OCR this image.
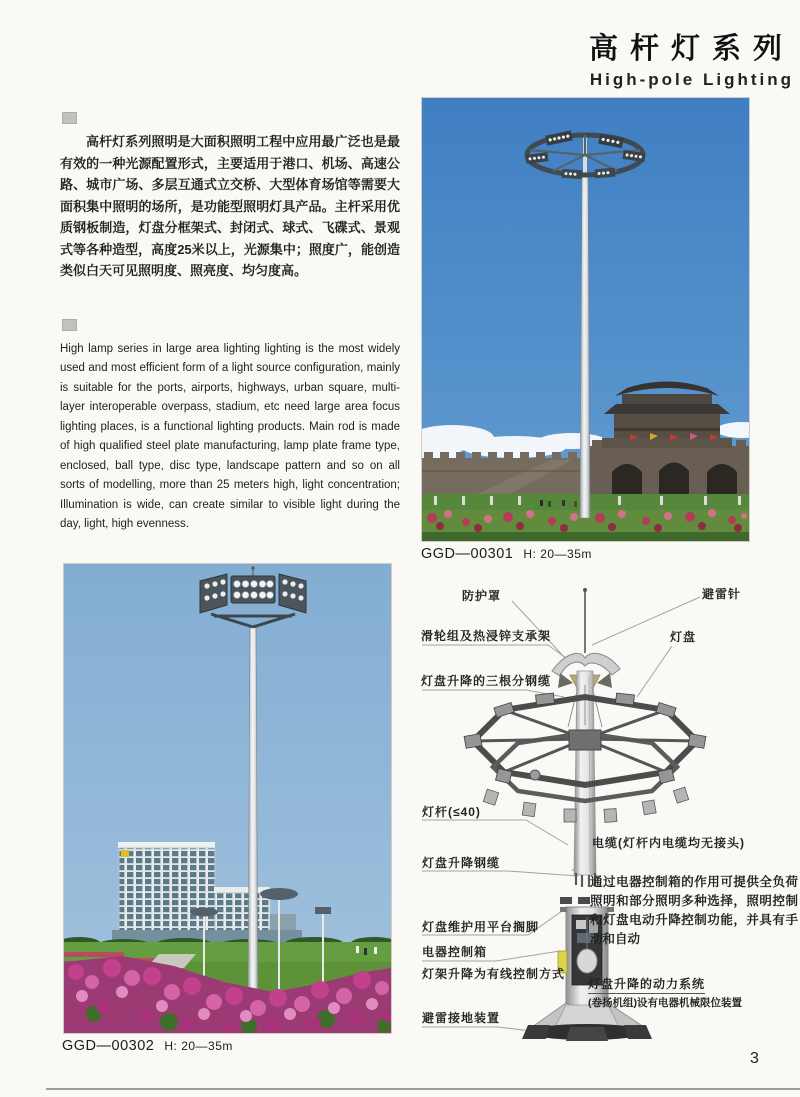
高杆灯系列
High-pole Lighting

高杆灯系列照明是大面积照明工程中应用最广泛也是最有效的一种光源配置形式，主要适用于港口、机场、高速公路、城市广场、多层互通式立交桥、大型体育场馆等需要大面积集中照明的场所，是功能型照明灯具产品。主杆采用优质钢板制造，灯盘分框架式、封闭式、球式、飞碟式、景观式等各种造型，高度25米以上，光源集中；照度广，能创造类似白天可见照明度、照亮度、均匀度高。

High lamp series in large area lighting lighting is the most widely used and most efficient form of a light source configuration, mainly is suitable for the ports, airports, highways, urban square, multi-layer interoperable overpass, stadium, etc need large area focus lighting places, is a functional lighting products. Main rod is made of high qualified steel plate manufacturing, lamp plate frame type, enclosed, ball type, disc type, landscape pattern and so on all sorts of modelling, more than 25 meters high, light concentration; Illumination is wide, can create similar to visible light during the day, light, high evenness.

GGD—00301 H: 20—35m
GGD—00302 H: 20—35m
防护罩	避雷针
滑轮组及热浸锌支承架	灯盘
灯盘升降的三根分钢缆
灯杆(≤40)
电缆(灯杆内电缆均无接头)
灯盘升降钢缆
通过电器控制箱的作用可提供全负荷照明和部分照明多种选择，照明控制和灯盘电动升降控制功能，并具有手动和自动
灯盘维护用平台搁脚
电器控制箱
灯架升降为有线控制方式
灯盘升降的动力系统
(卷扬机组)设有电器机械限位装置
避雷接地装置
3
